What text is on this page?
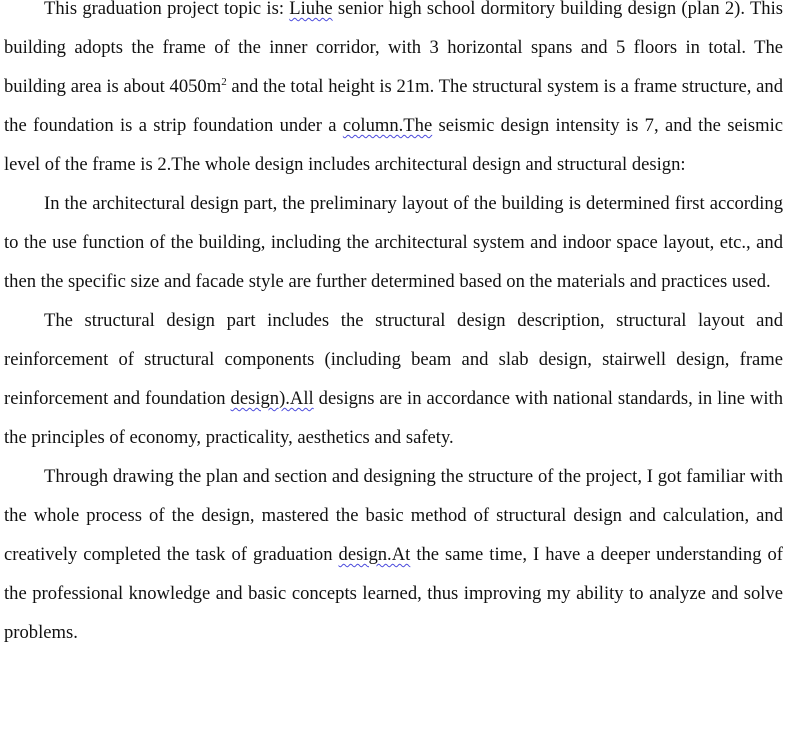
This graduation project topic is: Liuhe senior high school dormitory building design (plan 2). This building adopts the frame of the inner corridor, with 3 horizontal spans and 5 floors in total. The building area is about $4050m^2$ and the total height is 21m. The structural system is a frame structure, and the foundation is a strip foundation under a column.The seismic design intensity is 7, and the seismic level of the frame is 2.The whole design includes architectural design and structural design:

In the architectural design part, the preliminary layout of the building is determined first according to the use function of the building, including the architectural system and indoor space layout, etc., and then the specific size and facade style are further determined based on the materials and practices used.

The structural design part includes the structural design description, structural layout and reinforcement of structural components (including beam and slab design, stairwell design, frame reinforcement and foundation design).All designs are in accordance with national standards, in line with the principles of economy, practicality, aesthetics and safety.

Through drawing the plan and section and designing the structure of the project, I got familiar with the whole process of the design, mastered the basic method of structural design and calculation, and creatively completed the task of graduation design.At the same time, I have a deeper understanding of the professional knowledge and basic concepts learned, thus improving my ability to analyze and solve problems.
